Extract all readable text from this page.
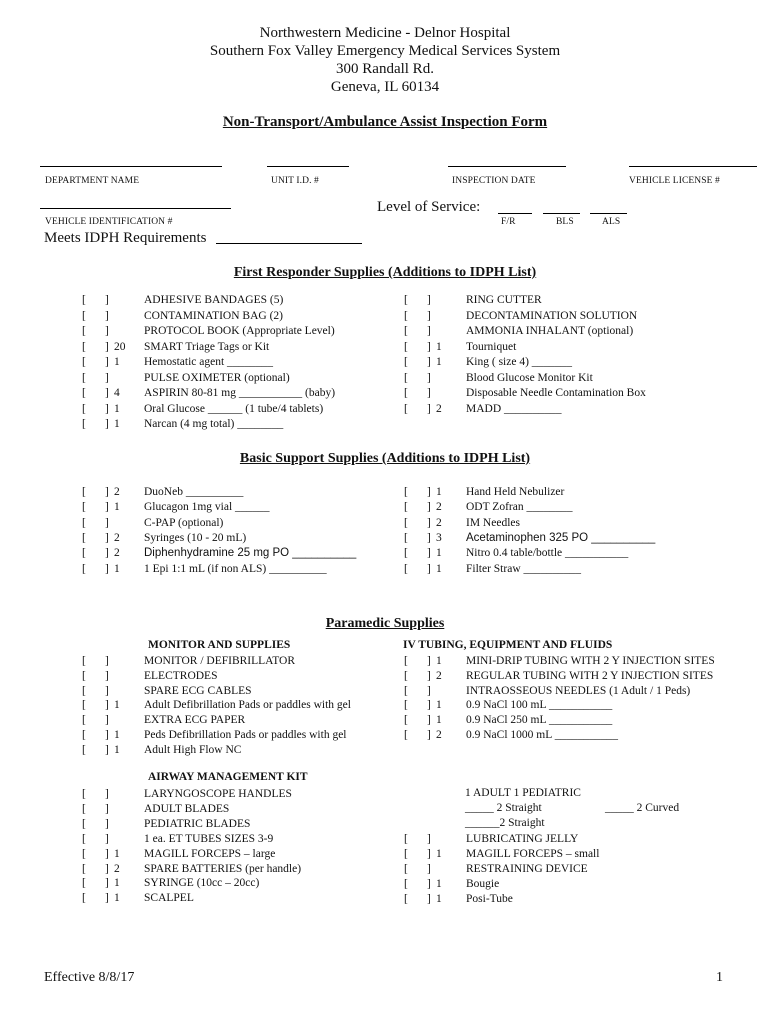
Northwestern Medicine - Delnor Hospital
Southern Fox Valley Emergency Medical Services System
300 Randall Rd.
Geneva, IL 60134
Non-Transport/Ambulance Assist Inspection Form
DEPARTMENT NAME	UNIT I.D. #	INSPECTION DATE	VEHICLE LICENSE #
VEHICLE IDENTIFICATION #
Level of Service:
F/R	BLS	ALS
Meets IDPH Requirements
First Responder Supplies (Additions to IDPH List)
Basic Support Supplies (Additions to IDPH List)
Paramedic Supplies
MONITOR AND SUPPLIES	IV TUBING, EQUIPMENT AND FLUIDS
AIRWAY MANAGEMENT KIT
1 ADULT 1 PEDIATRIC
_____ 2 Straight	_____ 2 Curved
______2 Straight
[ ]	ADHESIVE BANDAGES (5)
[ ]	CONTAMINATION BAG (2)
[ ]	PROTOCOL BOOK (Appropriate Level)
[ ] 20 SMART Triage Tags or Kit
[ ] 1 Hemostatic agent ________
[ ]	PULSE OXIMETER (optional)
[ ] 4 ASPIRIN 80-81 mg ___________ (baby)
[ ] 1 Oral Glucose ______ (1 tube/4 tablets)
[ ] 1 Narcan (4 mg total) ________
[ ]	RING CUTTER
[ ]	DECONTAMINATION SOLUTION
[ ]	AMMONIA INHALANT (optional)
[ ] 1 Tourniquet
[ ] 1 King ( size 4) _______
[ ]	Blood Glucose Monitor Kit
[ ]	Disposable Needle Contamination Box
[ ] 2 MADD __________
[ ] 2 DuoNeb __________
[ ] 1 Glucagon 1mg vial ______
[ ]	C-PAP (optional)
[ ] 2 Syringes (10 - 20 mL)
[ ] 2 Diphenhydramine 25 mg PO __________
[ ] 1 1 Epi 1:1 mL (if non ALS) __________
[ ] 1 Hand Held Nebulizer
[ ] 2 ODT Zofran ________
[ ] 2 IM Needles
[ ] 3 Acetaminophen 325 PO __________
[ ] 1 Nitro 0.4 table/bottle ___________
[ ] 1 Filter Straw __________
[ ]	MONITOR / DEFIBRILLATOR
[ ]	ELECTRODES
[ ]	SPARE ECG CABLES
[ ] 1 Adult Defibrillation Pads or paddles with gel
[ ]	EXTRA ECG PAPER
[ ] 1 Peds Defibrillation Pads or paddles with gel
[ ] 1 Adult High Flow NC
[ ] 1 MINI-DRIP TUBING WITH 2 Y INJECTION SITES
[ ] 2 REGULAR TUBING WITH 2 Y INJECTION SITES
[ ]	INTRAOSSEOUS NEEDLES (1 Adult / 1 Peds)
[ ] 1 0.9 NaCl 100 mL ___________
[ ] 1 0.9 NaCl 250 mL ___________
[ ] 2 0.9 NaCl 1000 mL ___________
[ ]	LARYNGOSCOPE HANDLES
[ ]	ADULT BLADES
[ ]	PEDIATRIC BLADES
[ ]	1 ea. ET TUBES SIZES 3-9
[ ] 1 MAGILL FORCEPS – large
[ ] 2 SPARE BATTERIES (per handle)
[ ] 1 SYRINGE (10cc – 20cc)
[ ] 1 SCALPEL
[ ]	LUBRICATING JELLY
[ ] 1 MAGILL FORCEPS – small
[ ]	RESTRAINING DEVICE
[ ] 1 Bougie
[ ] 1 Posi-Tube
Effective 8/8/17	1
